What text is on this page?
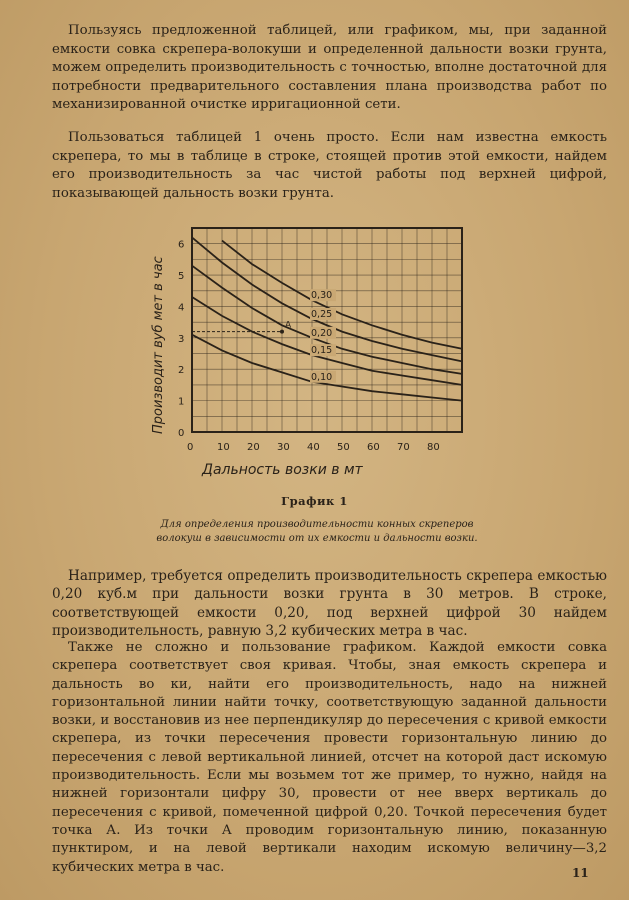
Пользуясь предложенной таблицей, или графиком, мы, при заданной емкости совка скрепера-волокуши и определенной дальности возки грунта, можем определить производительность с точностью, вполне достаточной для потребности предварительного составления плана производства работ по механизированной очистке ирригационной сети.

Пользоваться таблицей 1 очень просто. Если нам известна емкость скрепера, то мы в таблице в строке, стоящей против этой емкости, найдем его производительность за час чистой работы под верхней цифрой, показывающей дальность возки грунта.

0 10 20 30 40 50 60 70 80
0
1
2
3
4
5
6
Дальность возки в мт
Производит вуб мет в час	0,10
0,15
0,20
0,25
0,30
A
График 1
Для определения производительности конных скреперов волокуш в зависимости от их емкости и дальности возки.

Например, требуется определить производительность скрепера емкостью 0,20 куб.м при дальности возки грунта в 30 метров. В строке, соответствующей емкости 0,20, под верхней цифрой 30 найдем производительность, равную 3,2 кубических метра в час.

Также не сложно и пользование графиком. Каждой емкости совка скрепера соответствует своя кривая. Чтобы, зная емкость скрепера и дальность во ки, найти его производительность, надо на нижней горизонтальной линии найти точку, соответствующую заданной дальности возки, и восстановив из нее перпендикуляр до пересечения с кривой емкости скрепера, из точки пересечения провести горизонтальную линию до пересечения с левой вертикальной линией, отсчет на которой даст искомую производительность. Если мы возьмем тот же пример, то нужно, найдя на нижней горизонтали цифру 30, провести от нее вверх вертикаль до пересечения с кривой, помеченной цифрой 0,20. Точкой пересечения будет точка А. Из точки А проводим горизонтальную линию, показанную пунктиром, и на левой вертикали находим искомую величину—3,2 кубических метра в час.	11
